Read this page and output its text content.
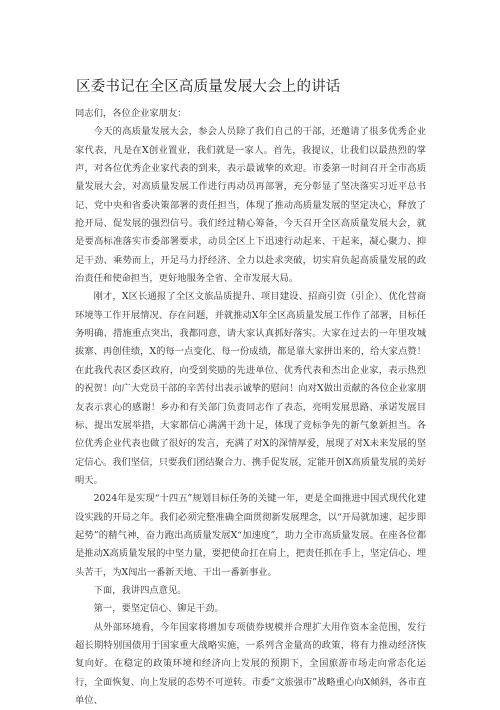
区委书记在全区高质量发展大会上的讲话

同志们，各位企业家朋友：

今天的高质量发展大会，参会人员除了我们自己的干部，还邀请了很多优秀企业家代表，凡是在X创业置业，我们就是一家人。首先，我提议，让我们以最热烈的掌声，对各位优秀企业家代表的到来，表示最诚挚的欢迎。市委第一时间召开全市高质量发展大会，对高质量发展工作进行再动员再部署，充分彰显了坚决落实习近平总书记、党中央和省委决策部署的责任担当，体现了推动高质量发展的坚定决心，释放了抢开局、促发展的强烈信号。我们经过精心筹备，今天召开全区高质量发展大会，就是要高标准落实市委部署要求，动员全区上下迅速行动起来、干起来，凝心聚力、抑足干劲、乘势而上，开足马力抒经济、全力以赴求突破，切实肩负起高质量发展的政治责任和使命担当，更好地服务全省、全市发展大局。

刚才，X区长通报了全区文旅品质提升、项目建设、招商引资（引企）、优化营商环境等工作开展情况、存在问题，并就推动X年全区高质量发展工作作了部署，目标任务明确、措施重点突出，我都同意，请大家认真抓好落实。大家在过去的一年里攻城拔寨、再创佳绩，X的每一点变化、每一份成绩，都是靠大家拼出来的，给大家点赞！在此我代表区委区政府，向受到奖励的先进单位、优秀代表和杰出企业家，表示热烈的祝贺！向广大党员干部的辛苦付出表示诚挚的慰问！向对X做出贡献的各位企业家朋友表示衷心的感谢！乡办和有关部门负责同志作了表态，亮明发展思路、承诺发展目标、提出发展举措，大家都信心满满干劲十足，体现了竞标争先的新气象新担当。各位优秀企业代表也做了很好的发言，充满了对X的深情厚爱，展现了对X未来发展的坚定信心。我们坚信，只要我们团结聚合力、携手促发展，定能开创X高质量发展的美好明天。

2024年是实现“十四五”规划目标任务的关键一年，更是全面推进中国式现代化建设实践的开局之年。我们必须完整准确全面贯彻新发展理念，以“开局就加速、起步即起势”的精气神，奋力跑出高质量发展X“加速度”，助力全市高质量发展。在座各位都是推动X高质量发展的中坚力量，要把使命扛在肩上，把责任抓在手上，坚定信心、埋头苦干，为X闯出一番新天地、干出一番新事业。

下面，我讲四点意见。

第一，要坚定信心、铆足干劲。

从外部环境看，今年国家将增加专项债券规模并合理扩大用作资本金范围，发行超长期特别国债用于国家重大战略实施，一系列含金量高的政策，将有力推动经济恢复向好。在稳定的政策环境和经济向上发展的预期下，全国旅游市场走向常态化运行，全面恢复、向上发展的态势不可逆转。市委“文旅强市”战略重心向X倾斜，各市直单位、
